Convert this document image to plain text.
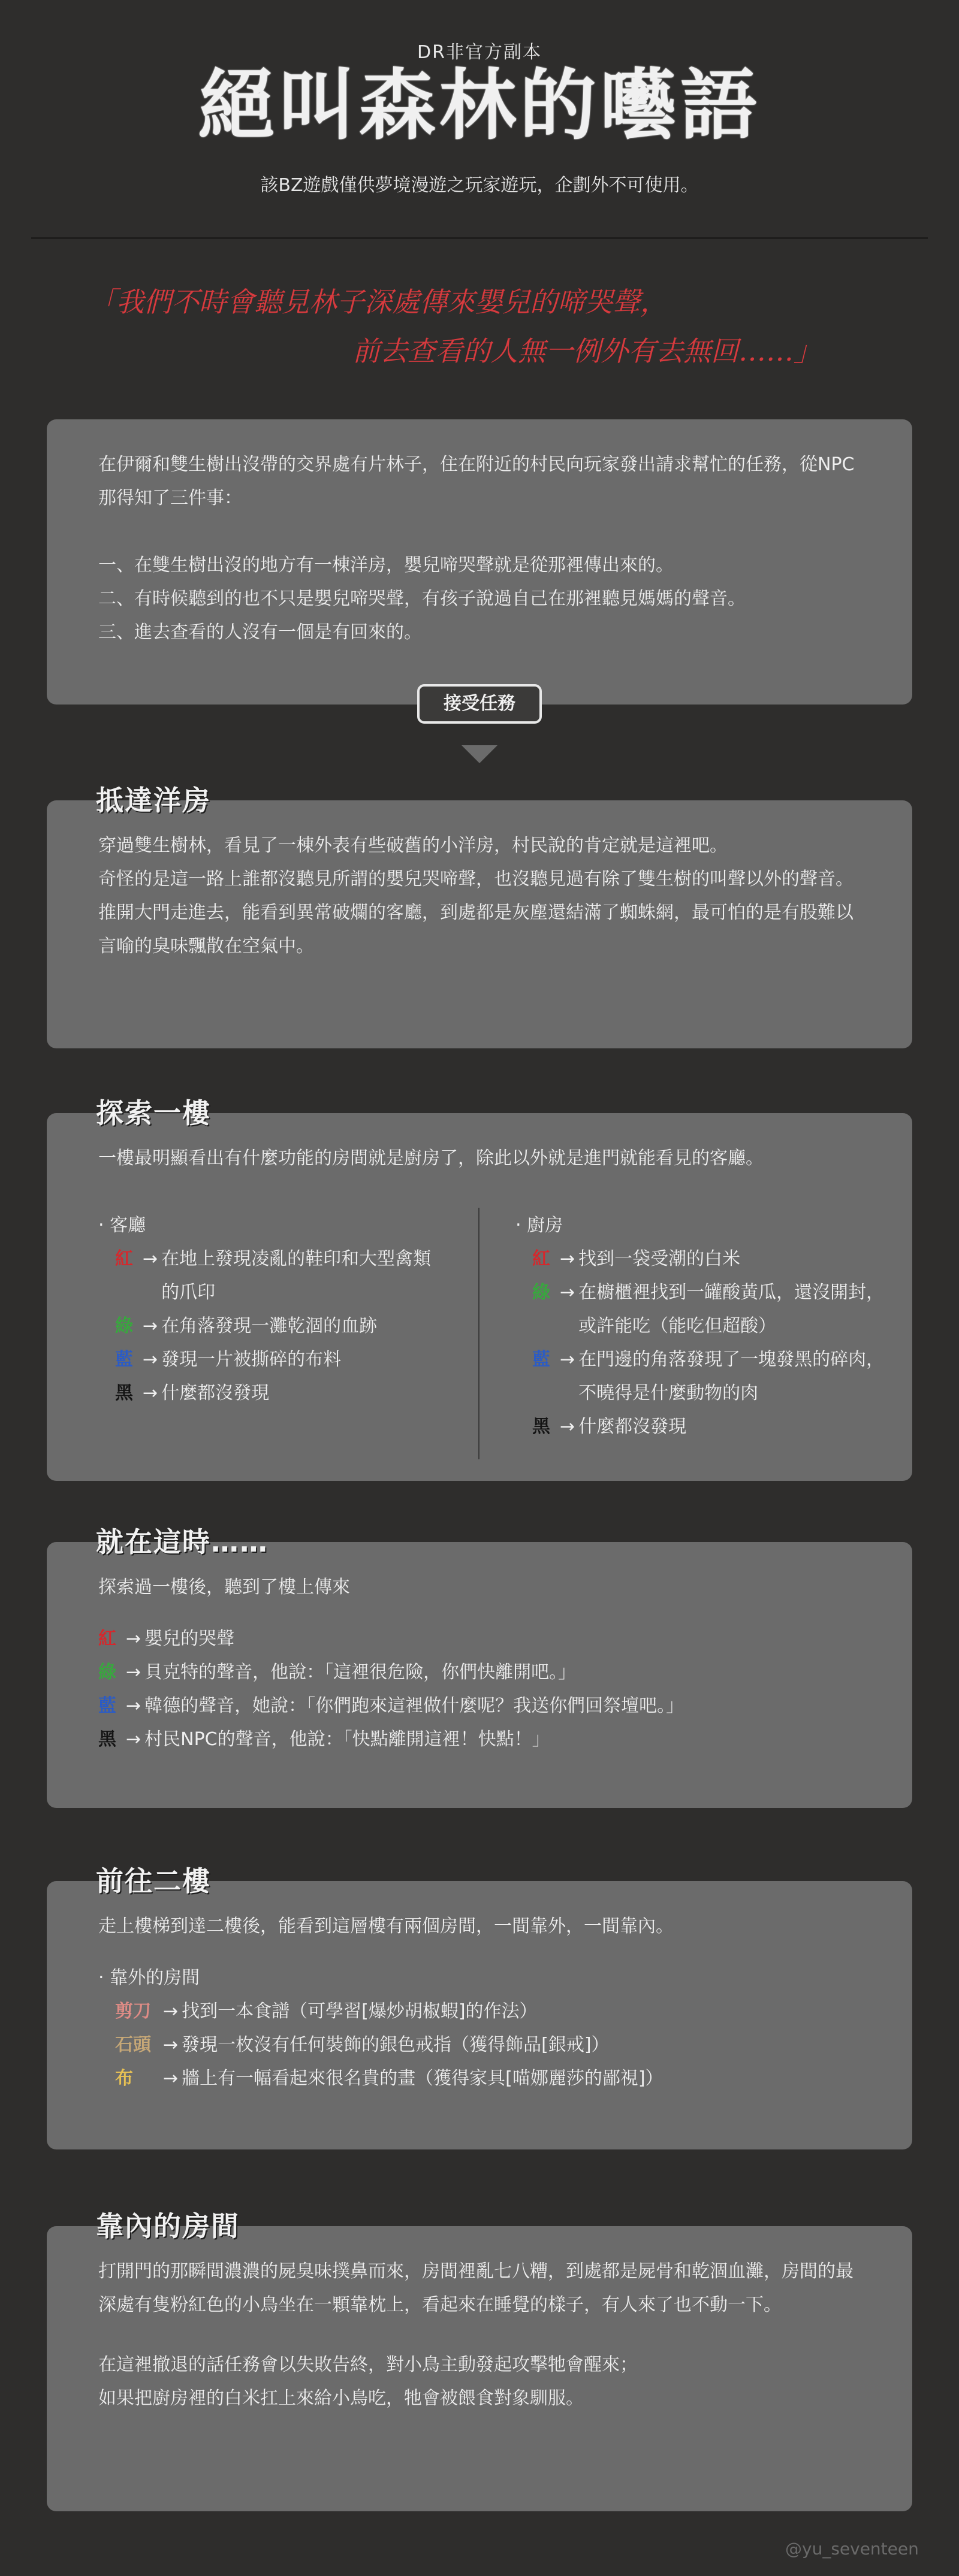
DR非官方副本
絕叫森林的囈語
該BZ遊戲僅供夢境漫遊之玩家遊玩，企劃外不可使用。
「我們不時會聽見林子深處傳來嬰兒的啼哭聲，
前去查看的人無一例外有去無回……」

在伊爾和雙生樹出沒帶的交界處有片林子，住在附近的村民向玩家發出請求幫忙的任務，從NPC那得知了三件事：

一、在雙生樹出沒的地方有一棟洋房，嬰兒啼哭聲就是從那裡傳出來的。

二、有時候聽到的也不只是嬰兒啼哭聲，有孩子說過自己在那裡聽見媽媽的聲音。

三、進去查看的人沒有一個是有回來的。

接受任務

穿過雙生樹林，看見了一棟外表有些破舊的小洋房，村民說的肯定就是這裡吧。

奇怪的是這一路上誰都沒聽見所謂的嬰兒哭啼聲，也沒聽見過有除了雙生樹的叫聲以外的聲音。

推開大門走進去，能看到異常破爛的客廳，到處都是灰塵還結滿了蜘蛛網，最可怕的是有股難以言喻的臭味飄散在空氣中。

抵達洋房

一樓最明顯看出有什麼功能的房間就是廚房了，除此以外就是進門就能看見的客廳。

‧ 客廳

紅 → 在地上發現凌亂的鞋印和大型禽類的爪印
綠 → 在角落發現一灘乾涸的血跡
藍 → 發現一片被撕碎的布料
黑 → 什麼都沒發現

‧ 廚房

紅 → 找到一袋受潮的白米
綠 → 在櫥櫃裡找到一罐酸黃瓜，還沒開封，或許能吃（能吃但超酸）
藍 → 在門邊的角落發現了一塊發黑的碎肉，不曉得是什麼動物的肉
黑 → 什麼都沒發現
探索一樓

探索過一樓後，聽到了樓上傳來

紅 → 嬰兒的哭聲
綠 → 貝克特的聲音，他說：「這裡很危險，你們快離開吧。」
藍 → 韓德的聲音，她說：「你們跑來這裡做什麼呢？我送你們回祭壇吧。」
黑 → 村民NPC的聲音，他說：「快點離開這裡！快點！」
就在這時……

走上樓梯到達二樓後，能看到這層樓有兩個房間，一間靠外，一間靠內。

‧ 靠外的房間

剪刀 → 找到一本食譜（可學習[爆炒胡椒蝦]的作法）
石頭 → 發現一枚沒有任何裝飾的銀色戒指（獲得飾品[銀戒]）
布	→ 牆上有一幅看起來很名貴的畫（獲得家具[喵娜麗莎的鄙視]）
前往二樓

打開門的那瞬間濃濃的屍臭味撲鼻而來，房間裡亂七八糟，到處都是屍骨和乾涸血灘，房間的最深處有隻粉紅色的小鳥坐在一顆靠枕上，看起來在睡覺的樣子，有人來了也不動一下。

在這裡撤退的話任務會以失敗告終，對小鳥主動發起攻擊牠會醒來；

如果把廚房裡的白米扛上來給小鳥吃，牠會被餵食對象馴服。

靠內的房間
@yu_seventeen
